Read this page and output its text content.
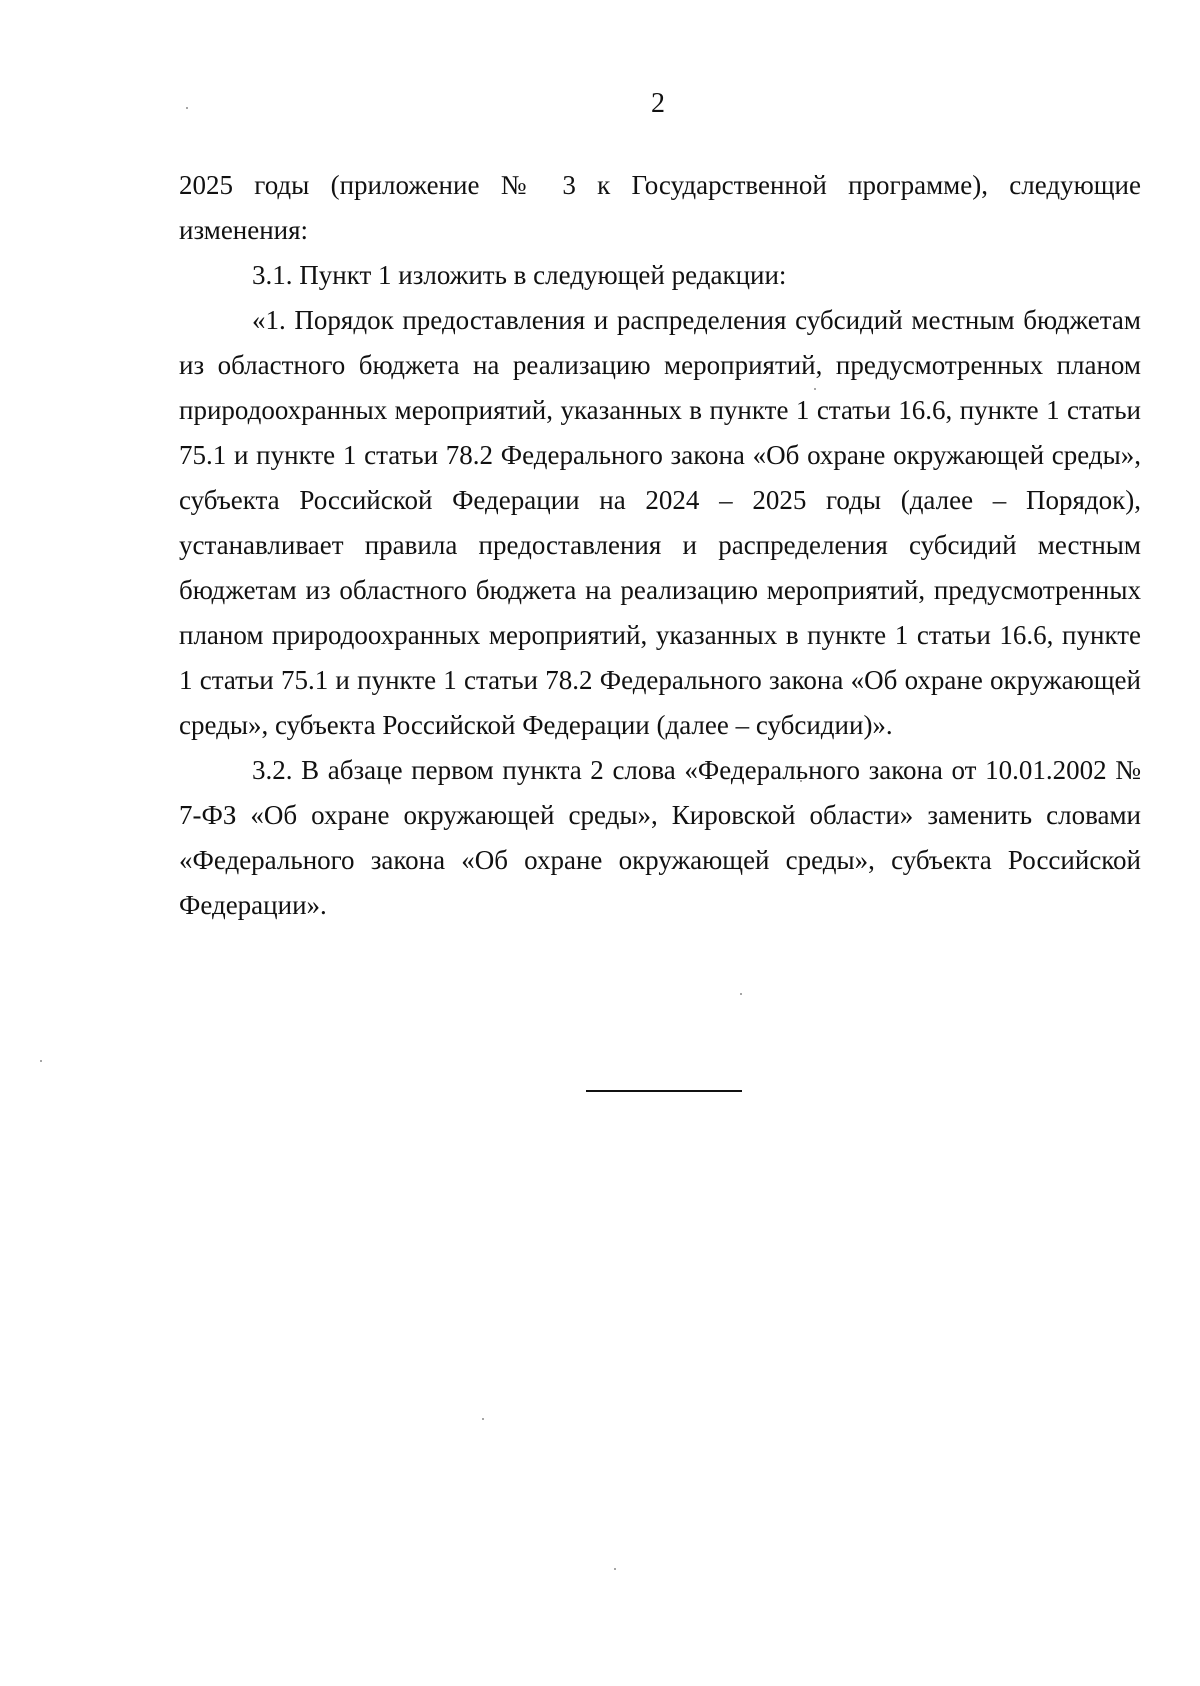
2

2025 годы (приложение № 3 к Государственной программе), следующие изменения:

3.1. Пункт 1 изложить в следующей редакции:

«1. Порядок предоставления и распределения субсидий местным бюджетам из областного бюджета на реализацию мероприятий, предусмотренных планом природоохранных мероприятий, указанных в пункте 1 статьи 16.6, пункте 1 статьи 75.1 и пункте 1 статьи 78.2 Федерального закона «Об охране окружающей среды», субъекта Российской Федерации на 2024 – 2025 годы (далее – Порядок), устанавливает правила предоставления и распределения субсидий местным бюджетам из областного бюджета на реализацию мероприятий, предусмотренных планом природоохранных мероприятий, указанных в пункте 1 статьи 16.6, пункте 1 статьи 75.1 и пункте 1 статьи 78.2 Федерального закона «Об охране окружающей среды», субъекта Российской Федерации (далее – субсидии)».

3.2. В абзаце первом пункта 2 слова «Федерального закона от 10.01.2002 № 7-ФЗ «Об охране окружающей среды», Кировской области» заменить словами «Федерального закона «Об охране окружающей среды», субъекта Российской Федерации».
